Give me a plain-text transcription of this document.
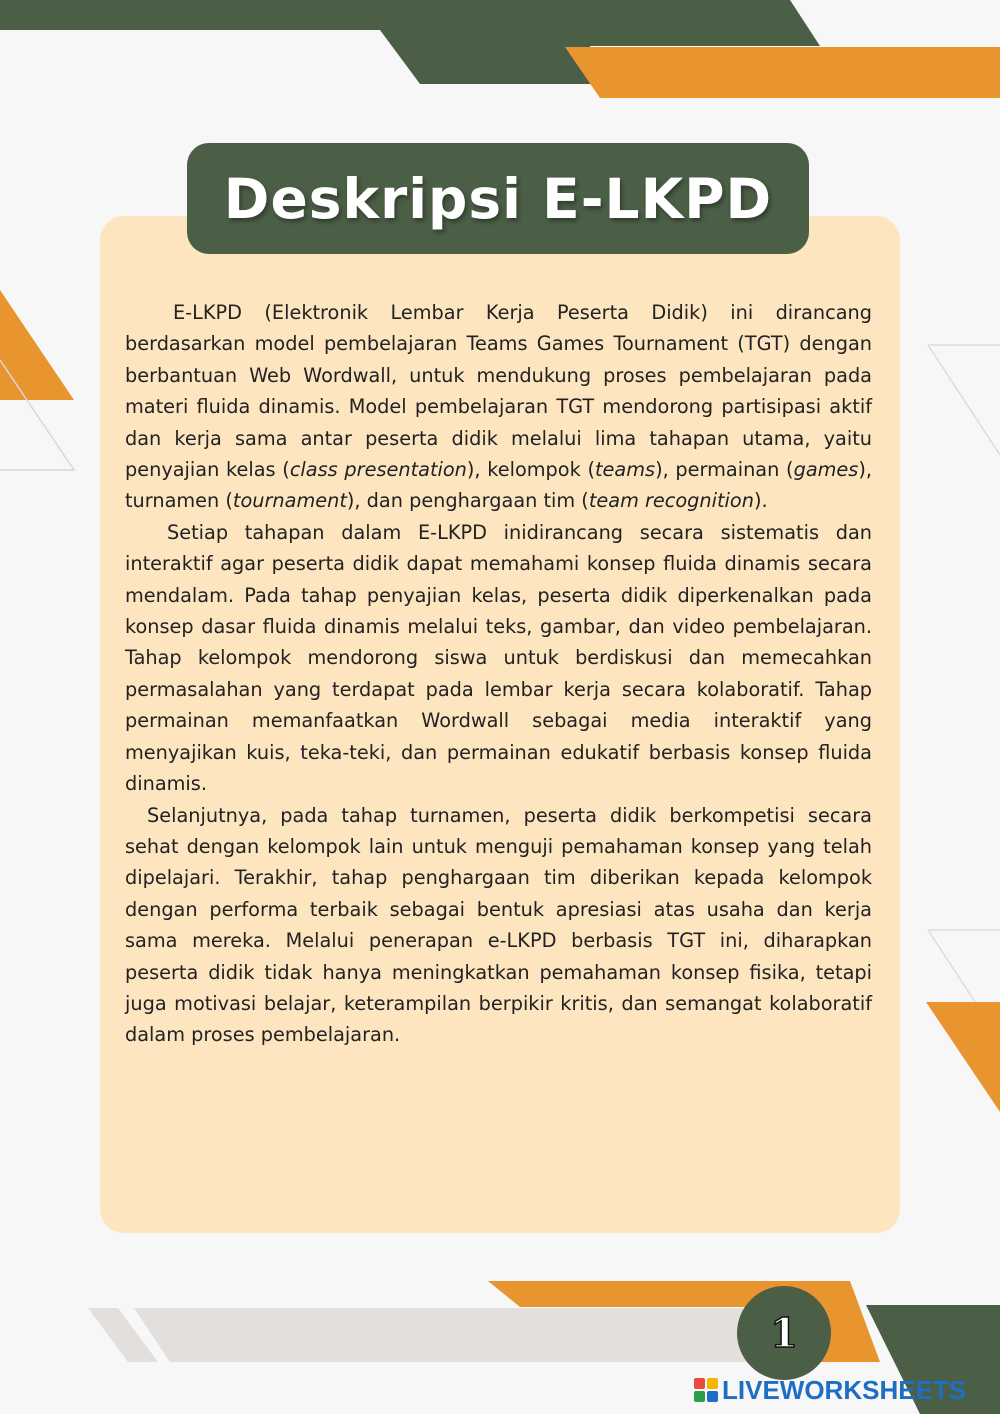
Deskripsi E-LKPD

E-LKPD (Elektronik Lembar Kerja Peserta Didik) ini dirancang berdasarkan model pembelajaran Teams Games Tournament (TGT) dengan berbantuan Web Wordwall, untuk mendukung proses pembelajaran pada materi fluida dinamis. Model pembelajaran TGT mendorong partisipasi aktif dan kerja sama antar peserta didik melalui lima tahapan utama, yaitu penyajian kelas (class presentation), kelompok (teams), permainan (games), turnamen (tournament), dan penghargaan tim (team recognition).

Setiap tahapan dalam E-LKPD inidirancang secara sistematis dan interaktif agar peserta didik dapat memahami konsep fluida dinamis secara mendalam. Pada tahap penyajian kelas, peserta didik diperkenalkan pada konsep dasar fluida dinamis melalui teks, gambar, dan video pembelajaran. Tahap kelompok mendorong siswa untuk berdiskusi dan memecahkan permasalahan yang terdapat pada lembar kerja secara kolaboratif. Tahap permainan memanfaatkan Wordwall sebagai media interaktif yang menyajikan kuis, teka-teki, dan permainan edukatif berbasis konsep fluida dinamis.

Selanjutnya, pada tahap turnamen, peserta didik berkompetisi secara sehat dengan kelompok lain untuk menguji pemahaman konsep yang telah dipelajari. Terakhir, tahap penghargaan tim diberikan kepada kelompok dengan performa terbaik sebagai bentuk apresiasi atas usaha dan kerja sama mereka. Melalui penerapan e-LKPD berbasis TGT ini, diharapkan peserta didik tidak hanya meningkatkan pemahaman konsep fisika, tetapi juga motivasi belajar, keterampilan berpikir kritis, dan semangat kolaboratif dalam proses pembelajaran.

1
LIVEWORKSHEETS
